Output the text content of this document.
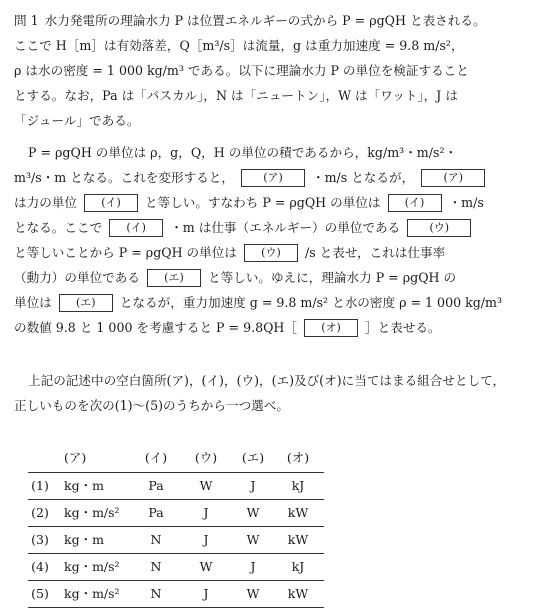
問 1 水力発電所の理論水力 P は位置エネルギーの式から P = ρgQH と表される。
ここで H［m］は有効落差，Q［m³/s］は流量，g は重力加速度 = 9.8 m/s²，
ρ は水の密度 = 1 000 kg/m³ である。以下に理論水力 P の単位を検証すること
とする。なお，Pa は「パスカル」，N は「ニュートン」，W は「ワット」，J は
「ジュール」である。
P = ρgQH の単位は ρ，g，Q，H の単位の積であるから，kg/m³・m/s²・
m³/s・m となる。これを変形すると，	(ア) ・m/s となるが，	(ア)
は力の単位 (イ) と等しい。すなわち P = ρgQH の単位は (イ) ・m/s
となる。ここで (イ) ・m は仕事（エネルギー）の単位である	(ウ)
と等しいことから P = ρgQH の単位は (ウ) /s と表せ，これは仕事率
（動力）の単位である (エ) と等しい。ゆえに，理論水力 P = ρgQH の
単位は (エ) となるが，重力加速度 g = 9.8 m/s² と水の密度 ρ = 1 000 kg/m³
の数値 9.8 と 1 000 を考慮すると P = 9.8QH［ (オ) ］と表せる。
上記の記述中の空白箇所(ア)，(イ)，(ウ)，(エ)及び(オ)に当てはまる組合せとして，
正しいものを次の(1)～(5)のうちから一つ選べ。
(ア)	(イ)	(ウ)	(エ)	(オ)
(1) kg・m	Pa	W	J	kJ
(2) kg・m/s²	Pa	J	W	kW
(3) kg・m	N	J	W	kW
(4) kg・m/s²	N	W	J	kJ
(5) kg・m/s²	N	J	W	kW
